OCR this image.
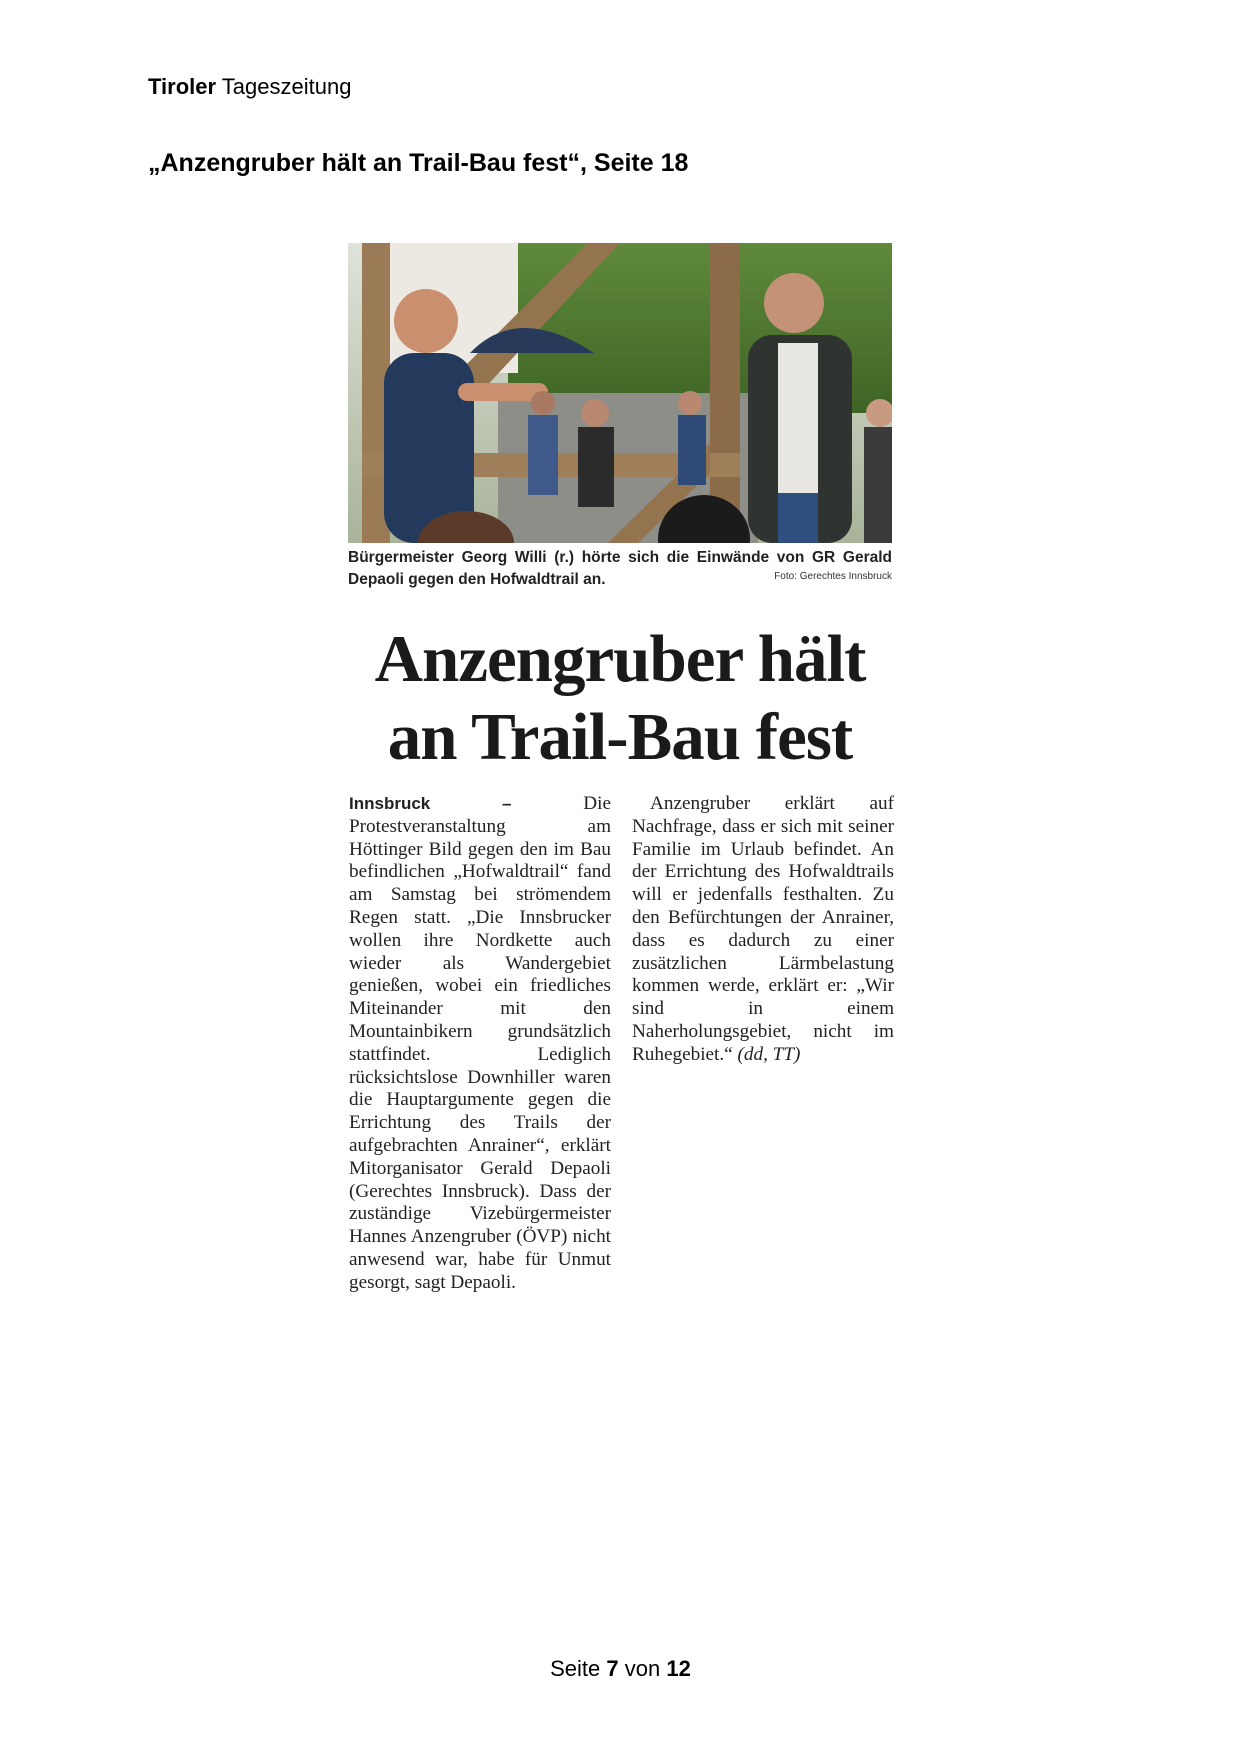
Tiroler Tageszeitung
„Anzengruber hält an Trail-Bau fest“, Seite 18
Bürgermeister Georg Willi (r.) hörte sich die Einwände von GR Gerald Depaoli gegen den Hofwaldtrail an.	Foto: Gerechtes Innsbruck
Anzengruber hält
an Trail-Bau fest

Innsbruck –	Die Protestveranstaltung am Höttinger Bild gegen den im Bau befindlichen „Hofwaldtrail“ fand am Samstag bei strömendem Regen statt. „Die Innsbrucker wollen ihre Nordkette auch wieder als Wandergebiet genießen, wobei ein friedliches Miteinander mit den Mountainbikern grundsätzlich stattfindet. Lediglich rücksichtslose Downhiller waren die Hauptargumente gegen die Errichtung des Trails der aufgebrachten Anrainer“, erklärt Mitorganisator Gerald Depaoli (Gerechtes Innsbruck). Dass der zuständige Vizebürgermeister Hannes Anzengruber (ÖVP) nicht anwesend war, habe für Unmut gesorgt, sagt Depaoli.

Anzengruber erklärt auf Nachfrage, dass er sich mit seiner Familie im Urlaub befindet. An der Errichtung des Hofwaldtrails will er jedenfalls festhalten. Zu den Befürchtungen der Anrainer, dass es dadurch zu einer zusätzlichen Lärmbelastung kommen werde, erklärt er: „Wir sind in einem Naherholungsgebiet, nicht im Ruhegebiet.“ (dd, TT)

Seite 7 von 12
